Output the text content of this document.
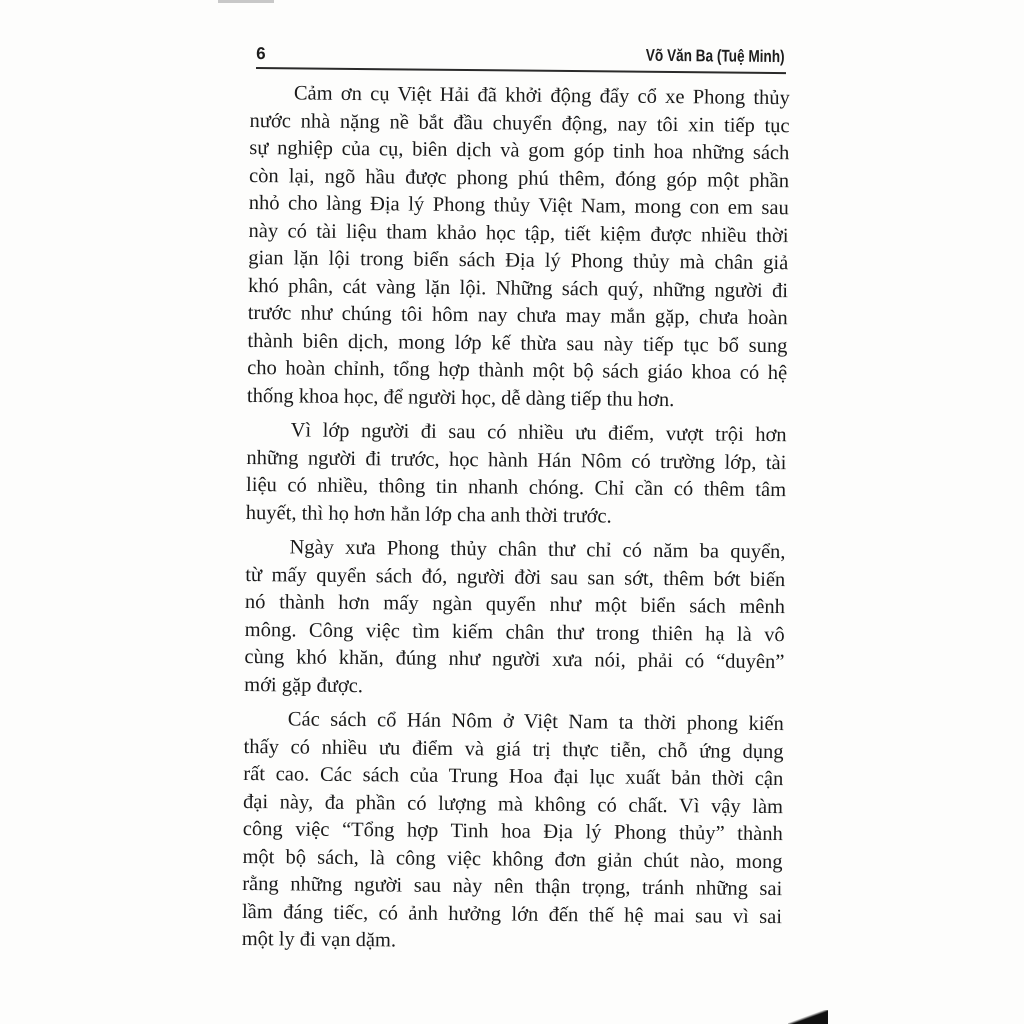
6	Võ Văn Ba (Tuệ Minh)
Cảm ơn cụ Việt Hải đã khởi động đẩy cổ xe Phong thủy
nước nhà nặng nề bắt đầu chuyển động, nay tôi xin tiếp tục
sự nghiệp của cụ, biên dịch và gom góp tinh hoa những sách
còn lại, ngõ hầu được phong phú thêm, đóng góp một phần
nhỏ cho làng Địa lý Phong thủy Việt Nam, mong con em sau
này có tài liệu tham khảo học tập, tiết kiệm được nhiều thời
gian lặn lội trong biển sách Địa lý Phong thủy mà chân giả
khó phân, cát vàng lặn lội. Những sách quý, những người đi
trước như chúng tôi hôm nay chưa may mắn gặp, chưa hoàn
thành biên dịch, mong lớp kế thừa sau này tiếp tục bổ sung
cho hoàn chỉnh, tổng hợp thành một bộ sách giáo khoa có hệ
thống khoa học, để người học, dễ dàng tiếp thu hơn.
Vì lớp người đi sau có nhiều ưu điểm, vượt trội hơn
những người đi trước, học hành Hán Nôm có trường lớp, tài
liệu có nhiều, thông tin nhanh chóng. Chỉ cần có thêm tâm
huyết, thì họ hơn hẳn lớp cha anh thời trước.
Ngày xưa Phong thủy chân thư chỉ có năm ba quyển,
từ mấy quyển sách đó, người đời sau san sớt, thêm bớt biến
nó thành hơn mấy ngàn quyển như một biển sách mênh
mông. Công việc tìm kiếm chân thư trong thiên hạ là vô
cùng khó khăn, đúng như người xưa nói, phải có “duyên”
mới gặp được.
Các sách cổ Hán Nôm ở Việt Nam ta thời phong kiến
thấy có nhiều ưu điểm và giá trị thực tiễn, chỗ ứng dụng
rất cao. Các sách của Trung Hoa đại lục xuất bản thời cận
đại này, đa phần có lượng mà không có chất. Vì vậy làm
công việc “Tổng hợp Tinh hoa Địa lý Phong thủy” thành
một bộ sách, là công việc không đơn giản chút nào, mong
rằng những người sau này nên thận trọng, tránh những sai
lầm đáng tiếc, có ảnh hưởng lớn đến thế hệ mai sau vì sai
một ly đi vạn dặm.
